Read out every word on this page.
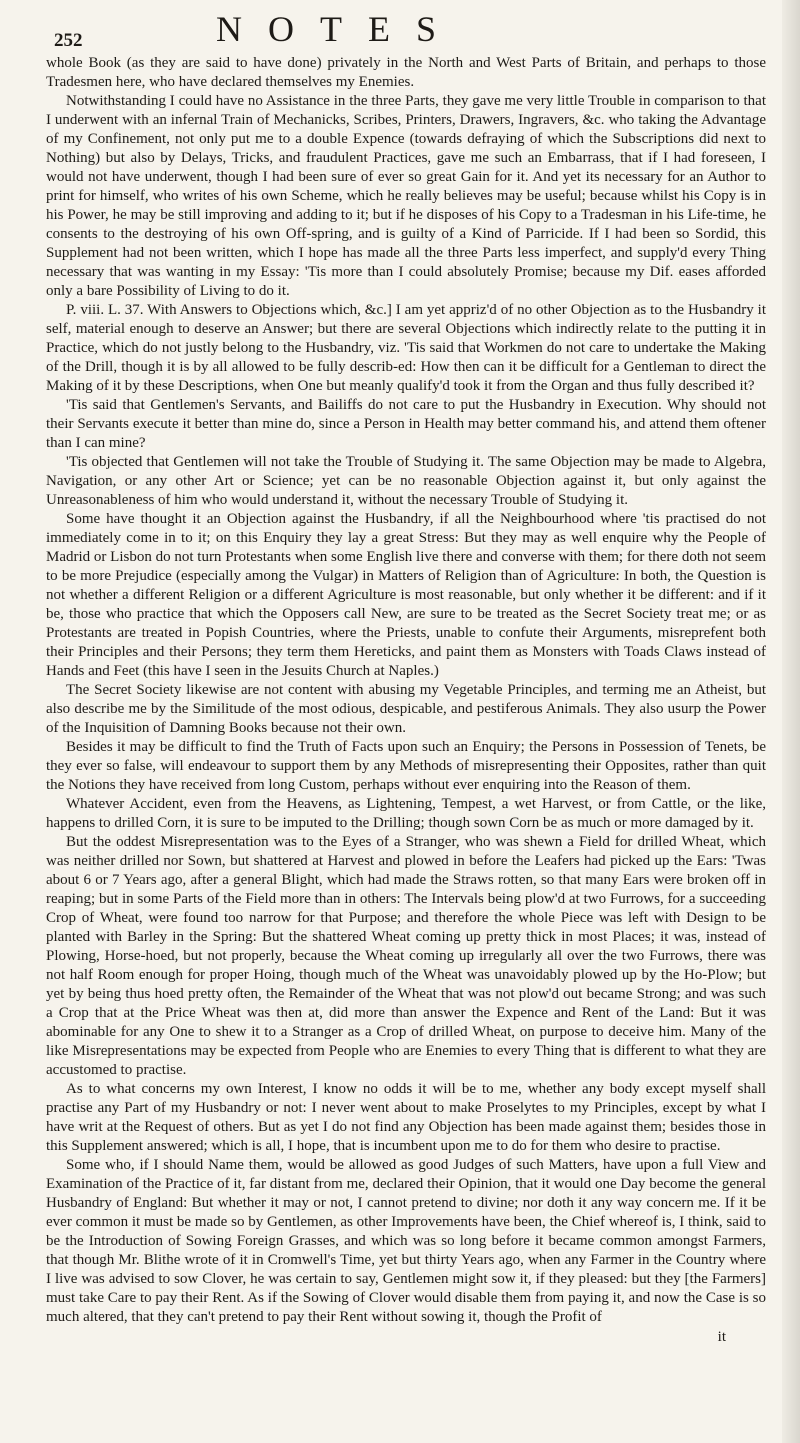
252	NOTES

whole Book (as they are said to have done) privately in the North and West Parts of Britain, and perhaps to those Tradesmen here, who have declared themselves my Enemies.

Notwithstanding I could have no Assistance in the three Parts, they gave me very little Trouble in comparison to that I underwent with an infernal Train of Mechanicks, Scribes, Printers, Drawers, Ingravers, &c. who taking the Advantage of my Confinement, not only put me to a double Expence (towards defraying of which the Subscriptions did next to Nothing) but also by Delays, Tricks, and fraudulent Practices, gave me such an Embarrass, that if I had foreseen, I would not have underwent, though I had been sure of ever so great Gain for it. And yet its necessary for an Author to print for himself, who writes of his own Scheme, which he really believes may be useful; because whilst his Copy is in his Power, he may be still improving and adding to it; but if he disposes of his Copy to a Tradesman in his Life-time, he consents to the destroying of his own Off-spring, and is guilty of a Kind of Parricide. If I had been so Sordid, this Supplement had not been written, which I hope has made all the three Parts less imperfect, and supply'd every Thing necessary that was wanting in my Essay: 'Tis more than I could absolutely Promise; because my Dif. eases afforded only a bare Possibility of Living to do it.

P. viii. L. 37. With Answers to Objections which, &c.] I am yet appriz'd of no other Objection as to the Husbandry it self, material enough to deserve an Answer; but there are several Objections which indirectly relate to the putting it in Practice, which do not justly belong to the Husbandry, viz. 'Tis said that Workmen do not care to undertake the Making of the Drill, though it is by all allowed to be fully describ-ed: How then can it be difficult for a Gentleman to direct the Making of it by these Descriptions, when One but meanly qualify'd took it from the Organ and thus fully described it?

'Tis said that Gentlemen's Servants, and Bailiffs do not care to put the Husbandry in Execution. Why should not their Servants execute it better than mine do, since a Person in Health may better command his, and attend them oftener than I can mine?

'Tis objected that Gentlemen will not take the Trouble of Studying it. The same Objection may be made to Algebra, Navigation, or any other Art or Science; yet can be no reasonable Objection against it, but only against the Unreasonableness of him who would understand it, without the necessary Trouble of Studying it.

Some have thought it an Objection against the Husbandry, if all the Neighbourhood where 'tis practised do not immediately come in to it; on this Enquiry they lay a great Stress: But they may as well enquire why the People of Madrid or Lisbon do not turn Protestants when some English live there and converse with them; for there doth not seem to be more Prejudice (especially among the Vulgar) in Matters of Religion than of Agriculture: In both, the Question is not whether a different Religion or a different Agriculture is most reasonable, but only whether it be different: and if it be, those who practice that which the Opposers call New, are sure to be treated as the Secret Society treat me; or as Protestants are treated in Popish Countries, where the Priests, unable to confute their Arguments, misreprefent both their Principles and their Persons; they term them Hereticks, and paint them as Monsters with Toads Claws instead of Hands and Feet (this have I seen in the Jesuits Church at Naples.)

The Secret Society likewise are not content with abusing my Vegetable Principles, and terming me an Atheist, but also describe me by the Similitude of the most odious, despicable, and pestiferous Animals. They also usurp the Power of the Inquisition of Damning Books because not their own.

Besides it may be difficult to find the Truth of Facts upon such an Enquiry; the Persons in Possession of Tenets, be they ever so false, will endeavour to support them by any Methods of misrepresenting their Opposites, rather than quit the Notions they have received from long Custom, perhaps without ever enquiring into the Reason of them.

Whatever Accident, even from the Heavens, as Lightening, Tempest, a wet Harvest, or from Cattle, or the like, happens to drilled Corn, it is sure to be imputed to the Drilling; though sown Corn be as much or more damaged by it.

But the oddest Misrepresentation was to the Eyes of a Stranger, who was shewn a Field for drilled Wheat, which was neither drilled nor Sown, but shattered at Harvest and plowed in before the Leafers had picked up the Ears: 'Twas about 6 or 7 Years ago, after a general Blight, which had made the Straws rotten, so that many Ears were broken off in reaping; but in some Parts of the Field more than in others: The Intervals being plow'd at two Furrows, for a succeeding Crop of Wheat, were found too narrow for that Purpose; and therefore the whole Piece was left with Design to be planted with Barley in the Spring: But the shattered Wheat coming up pretty thick in most Places; it was, instead of Plowing, Horse-hoed, but not properly, because the Wheat coming up irregularly all over the two Furrows, there was not half Room enough for proper Hoing, though much of the Wheat was unavoidably plowed up by the Ho-Plow; but yet by being thus hoed pretty often, the Remainder of the Wheat that was not plow'd out became Strong; and was such a Crop that at the Price Wheat was then at, did more than answer the Expence and Rent of the Land: But it was abominable for any One to shew it to a Stranger as a Crop of drilled Wheat, on purpose to deceive him. Many of the like Misrepresentations may be expected from People who are Enemies to every Thing that is different to what they are accustomed to practise.

As to what concerns my own Interest, I know no odds it will be to me, whether any body except myself shall practise any Part of my Husbandry or not: I never went about to make Proselytes to my Principles, except by what I have writ at the Request of others. But as yet I do not find any Objection has been made against them; besides those in this Supplement answered; which is all, I hope, that is incumbent upon me to do for them who desire to practise.

Some who, if I should Name them, would be allowed as good Judges of such Matters, have upon a full View and Examination of the Practice of it, far distant from me, declared their Opinion, that it would one Day become the general Husbandry of England: But whether it may or not, I cannot pretend to divine; nor doth it any way concern me. If it be ever common it must be made so by Gentlemen, as other Improvements have been, the Chief whereof is, I think, said to be the Introduction of Sowing Foreign Grasses, and which was so long before it became common amongst Farmers, that though Mr. Blithe wrote of it in Cromwell's Time, yet but thirty Years ago, when any Farmer in the Country where I live was advised to sow Clover, he was certain to say, Gentlemen might sow it, if they pleased: but they [the Farmers] must take Care to pay their Rent. As if the Sowing of Clover would disable them from paying it, and now the Case is so much altered, that they can't pretend to pay their Rent without sowing it, though the Profit of

it
